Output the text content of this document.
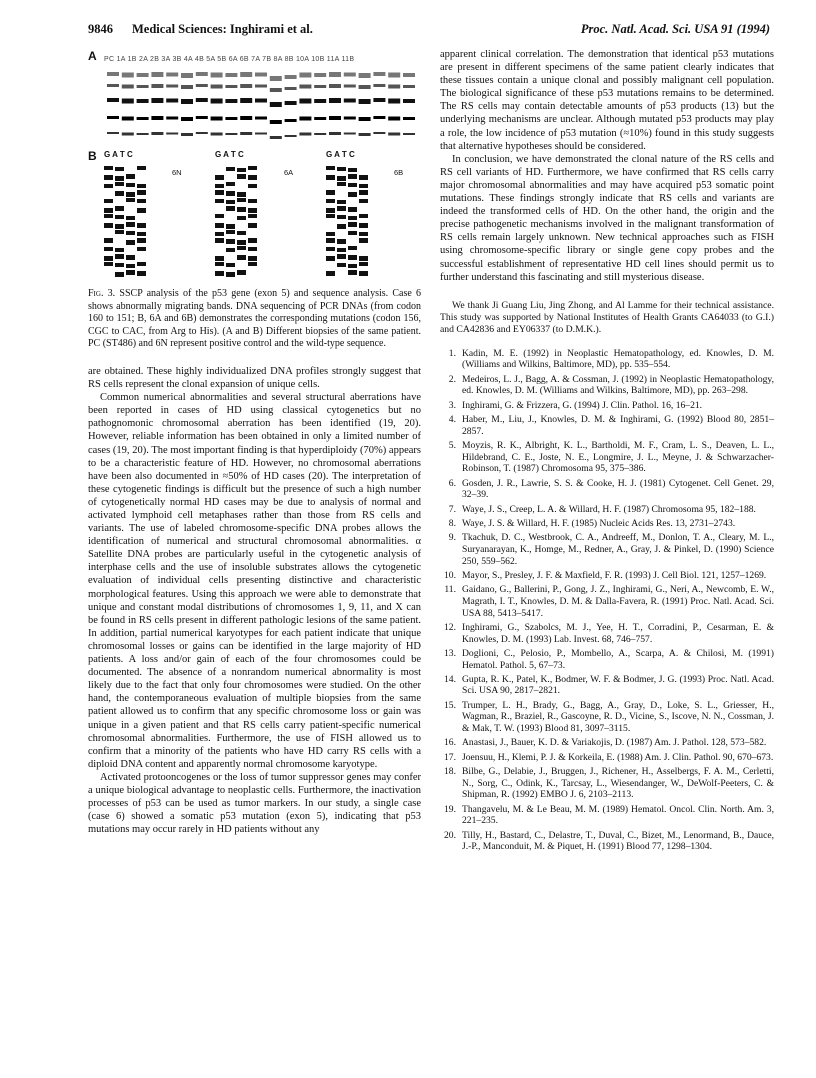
9846 Medical Sciences: Inghirami et al.	Proc. Natl. Acad. Sci. USA 91 (1994)
A PC 1A 1B 2A 2B 3A 3B 4A 4B 5A 5B 6A 6B 7A 7B 8A 8B 10A 10B 11A 11B
B G A T C	G A T C	G A T C
6N	6A	6B
Fig. 3. SSCP analysis of the p53 gene (exon 5) and sequence analysis. Case 6 shows abnormally migrating bands. DNA sequencing of PCR DNAs (from codon 160 to 151; B, 6A and 6B) demonstrates the corresponding mutations (codon 156, CGC to CAC, from Arg to His). (A and B) Different biopsies of the same patient. PC (ST486) and 6N represent positive control and the wild-type sequence.

are obtained. These highly individualized DNA profiles strongly suggest that RS cells represent the clonal expansion of unique cells.

Common numerical abnormalities and several structural aberrations have been reported in cases of HD using classical cytogenetics but no pathognomonic chromosomal aberration has been identified (19, 20). However, reliable information has been obtained in only a limited number of cases (19, 20). The most important finding is that hyperdiploidy (70%) appears to be a characteristic feature of HD. However, no chromosomal aberrations have been also documented in ≈50% of HD cases (20). The interpretation of these cytogenetic findings is difficult but the presence of such a high number of cytogenetically normal HD cases may be due to analysis of normal and activated lymphoid cell metaphases rather than those from RS cells and variants. The use of labeled chromosome-specific DNA probes allows the identification of numerical and structural chromosomal abnormalities. α Satellite DNA probes are particularly useful in the cytogenetic analysis of interphase cells and the use of insoluble substrates allows the cytogenetic evaluation of individual cells presenting distinctive and characteristic morphological features. Using this approach we were able to demonstrate that unique and constant modal distributions of chromosomes 1, 9, 11, and X can be found in RS cells present in different pathologic lesions of the same patient. In addition, partial numerical karyotypes for each patient indicate that unique chromosomal losses or gains can be identified in the large majority of HD patients. A loss and/or gain of each of the four chromosomes could be documented. The absence of a nonrandom numerical abnormality is most likely due to the fact that only four chromosomes were studied. On the other hand, the contemporaneous evaluation of multiple biopsies from the same patient allowed us to confirm that any specific chromosome loss or gain was unique in a given patient and that RS cells carry patient-specific numerical chromosomal abnormalities. Furthermore, the use of FISH allowed us to confirm that a minority of the patients who have HD carry RS cells with a diploid DNA content and apparently normal chromosome karyotype.

Activated protooncogenes or the loss of tumor suppressor genes may confer a unique biological advantage to neoplastic cells. Furthermore, the inactivation processes of p53 can be used as tumor markers. In our study, a single case (case 6) showed a somatic p53 mutation (exon 5), indicating that p53 mutations may occur rarely in HD patients without any

apparent clinical correlation. The demonstration that identical p53 mutations are present in different specimens of the same patient clearly indicates that these tissues contain a unique clonal and possibly malignant cell population. The biological significance of these p53 mutations remains to be determined. The RS cells may contain detectable amounts of p53 products (13) but the underlying mechanisms are unclear. Although mutated p53 products may play a role, the low incidence of p53 mutation (≈10%) found in this study suggests that alternative hypotheses should be considered.

In conclusion, we have demonstrated the clonal nature of the RS cells and RS cell variants of HD. Furthermore, we have confirmed that RS cells carry major chromosomal abnormalities and may have acquired p53 somatic point mutations. These findings strongly indicate that RS cells and variants are indeed the transformed cells of HD. On the other hand, the origin and the precise pathogenetic mechanisms involved in the malignant transformation of RS cells remain largely unknown. New technical approaches such as FISH using chromosome-specific library or single gene copy probes and the successful establishment of representative HD cell lines should permit us to further understand this fascinating and still mysterious disease.

We thank Ji Guang Liu, Jing Zhong, and Al Lamme for their technical assistance. This study was supported by National Institutes of Health Grants CA64033 (to G.I.) and CA42836 and EY06337 (to D.M.K.).

1. Kadin, M. E. (1992) in Neoplastic Hematopathology, ed. Knowles, D. M. (Williams and Wilkins, Baltimore, MD), pp. 535–554.
2. Medeiros, L. J., Bagg, A. & Cossman, J. (1992) in Neoplastic Hematopathology, ed. Knowles, D. M. (Williams and Wilkins, Baltimore, MD), pp. 263–298.
3. Inghirami, G. & Frizzera, G. (1994) J. Clin. Pathol. 16, 16–21.
4. Haber, M., Liu, J., Knowles, D. M. & Inghirami, G. (1992) Blood 80, 2851–2857.
5. Moyzis, R. K., Albright, K. L., Bartholdi, M. F., Cram, L. S., Deaven, L. L., Hildebrand, C. E., Joste, N. E., Longmire, J. L., Meyne, J. & Schwarzacher-Robinson, T. (1987) Chromosoma 95, 375–386.
6. Gosden, J. R., Lawrie, S. S. & Cooke, H. J. (1981) Cytogenet. Cell Genet. 29, 32–39.
7. Waye, J. S., Creep, L. A. & Willard, H. F. (1987) Chromosoma 95, 182–188.
8. Waye, J. S. & Willard, H. F. (1985) Nucleic Acids Res. 13, 2731–2743.
9. Tkachuk, D. C., Westbrook, C. A., Andreeff, M., Donlon, T. A., Cleary, M. L., Suryanarayan, K., Homge, M., Redner, A., Gray, J. & Pinkel, D. (1990) Science 250, 559–562.
10. Mayor, S., Presley, J. F. & Maxfield, F. R. (1993) J. Cell Biol. 121, 1257–1269.
11. Gaidano, G., Ballerini, P., Gong, J. Z., Inghirami, G., Neri, A., Newcomb, E. W., Magrath, I. T., Knowles, D. M. & Dalla-Favera, R. (1991) Proc. Natl. Acad. Sci. USA 88, 5413–5417.
12. Inghirami, G., Szabolcs, M. J., Yee, H. T., Corradini, P., Cesarman, E. & Knowles, D. M. (1993) Lab. Invest. 68, 746–757.
13. Doglioni, C., Pelosio, P., Mombello, A., Scarpa, A. & Chilosi, M. (1991) Hematol. Pathol. 5, 67–73.
14. Gupta, R. K., Patel, K., Bodmer, W. F. & Bodmer, J. G. (1993) Proc. Natl. Acad. Sci. USA 90, 2817–2821.
15. Trumper, L. H., Brady, G., Bagg, A., Gray, D., Loke, S. L., Griesser, H., Wagman, R., Braziel, R., Gascoyne, R. D., Vicine, S., Iscove, N. N., Cossman, J. & Mak, T. W. (1993) Blood 81, 3097–3115.
16. Anastasi, J., Bauer, K. D. & Variakojis, D. (1987) Am. J. Pathol. 128, 573–582.
17. Joensuu, H., Klemi, P. J. & Korkeila, E. (1988) Am. J. Clin. Pathol. 90, 670–673.
18. Bilbe, G., Delabie, J., Bruggen, J., Richener, H., Asselbergs, F. A. M., Cerletti, N., Sorg, C., Odink, K., Tarcsay, L., Wiesendanger, W., DeWolf-Peeters, C. & Shipman, R. (1992) EMBO J. 6, 2103–2113.
19. Thangavelu, M. & Le Beau, M. M. (1989) Hematol. Oncol. Clin. North. Am. 3, 221–235.
20. Tilly, H., Bastard, C., Delastre, T., Duval, C., Bizet, M., Lenormand, B., Dauce, J.-P., Manconduit, M. & Piquet, H. (1991) Blood 77, 1298–1304.
